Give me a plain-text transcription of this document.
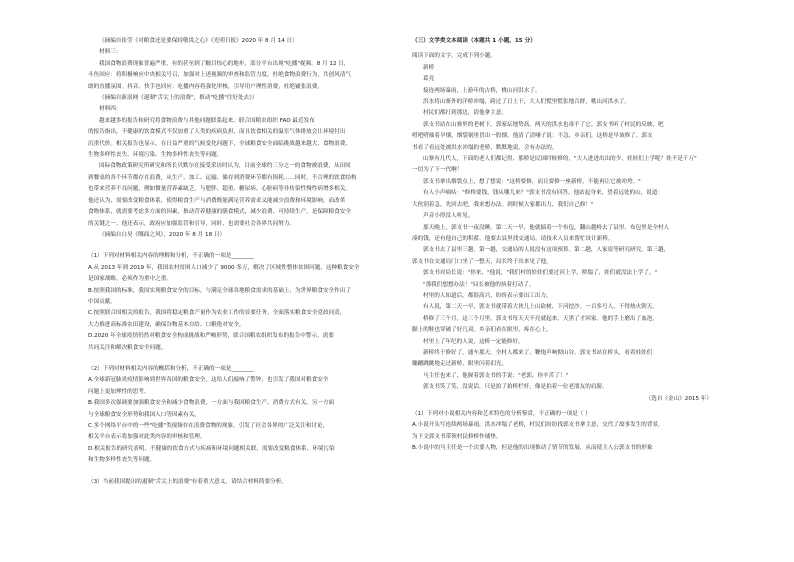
（摘编自崔莹《对粮食还是要保持敬畏之心》《光明日报》2020 年 8 月 14 日）

材料三：

我国食物浪费现象普遍严重，有的甚至到了触目惊心的地步，部分平台出现"吃播"视频。8 月 12 日，

斗鱼回应：将积极响应中央相关号召，加强对上述视频的审查和监管力度，杜绝食物浪费行为，共创风清气

朗的直播氛围。抖音、快手也回应：吃播内容将强化审核，引导用户理性消费，杜绝铺张浪费。

（摘编自新浪网《遏制"舌尖上的浪费"，推动"吃播"往好处去》）

材料四：

越来越多的报告和研究将食物浪费与其他问题联系起来。联合国粮农组织 FAO 最近发布

的报告指出，不健康的饮食模式不仅加重了人类的疾病负担，而且饮食相关的温室气体排放会让环境付出

沉重代价。相关报告也显示，在日益严重的气候变化问题下，全球粮食安全面临挑战越来越大，食物浪费、

生物多样性丧失、环境污染、生物多样性丧失等问题。

国际食物政策研究所研究和所长贝默尔在接受采访时认为，目前全球约三分之一的食物被浪费，从田间

到餐桌的各个环节都存在浪费，从生产、加工、运输、储存到消费环节都有损耗……同时，不合理的饮食结构

也带来营养不良问题，例如微量营养素缺乏，与肥胖、超重、糖尿病、心脏病等非传染性慢性病增多相关。

他还认为，需要改变粮食体系，使得粮食生产与消费既能满足营养需求又能减少浪费和环境影响。而改革

食物体系，就需要考虑多方面的因素，推动营养健康的膳食模式，减少浪费、可持续生产，是保障粮食安全

的关键之一。他还表示，政府应加强监管和引导，同时，也需要社会各界共同努力。

（摘编自白昊《哪面之风》，2020 年 8 月 18 日）

（1）下列对材料相关内容的理解和分析，不正确的一项是________

A.从 2013 年到 2019 年，我国农村贫困人口减少了 9000 多万，解决了区域性整体贫困问题，这种粮食安全

是国家战略，必须作为重中之重。

B.按照我国的标准，我国实现粮食安全的目标，与满足全球各地粮食需求的基础上，为世界粮食安全作出了

中国贡献。

C.按照联合国相关的报告，我国将稳定粮食产量作为农业工作的首要任务，全面落实粮食安全党政同责，

大力推进高标准农田建设，确保谷物基本自给、口粮绝对安全。

D.2020 年全球疫情仍然对粮食安全构成挑战和严峻形势，联合国粮农组织发布的报告中警示，需要

共同关注和解决粮食安全问题。

（2）下列对材料相关内容的概括和分析，不正确的一项是________

A.全球新冠肺炎疫情影响到世界各国的粮食安全，这给人们敲响了警钟，也引发了我国对粮食安全

问题上更加理性的思考。

B.我国多次强调要加强粮食安全和减少食物浪费，一方面与我国粮食生产、消费方式有关，另一方面

与全球粮食安全形势和我国人口等因素有关。

C.多个网络平台中的一些"吃播"类视频存在浪费食物的现象，引发了社会各界的广泛关注和讨论，

相关平台表示将加强对此类内容的审核和管理。

D.相关报告的研究表明，不健康的饮食方式与疾病和环境问题相关联，需要改变粮食体系、环境污染

和生物多样性丧失等问题。

（3）当前我国提出的遏制"舌尖上的浪费"有着重大意义，请结合材料简要分析。

（三）文学类文本阅读（本题共 1 小题，15 分）

阅读下面的文字，完成下列小题。

新桥

葛亮

接连两场暴雨，上游年的古桥，桃山河洪水了。

洪水将山寨外的洋桥冲塌，跨过了日上下，大人们慌里慌张地合群，桃山河洪水了。

村民们都打到那边，请他拿主意。

郭支书站在山寨里的老树下，郭家坛地势高，两天的洪水也毒不了它。郭支书听了村民的反映，吧

嗒吧嗒抽着旱烟，烟袋锅里冒出一股烟，他清了清嗓子说：不急，乡亲们，这桥是早该修了。郭支

书看了看远处被洪水冲塌的老桥，默默地说，会有办法的。

山寨有几代人，下面的老人们都记得，那桥是民国时候修的，"大人进进出出的少，娃娃们上学呢？娃不是千万"

一切为了下一代啊！

郭支书拿出烟袋点上，想了想说："这桥要修，而且要修一座新桥，不能再让它被冲垮。"

有人小声嘀咕："修桥要钱，钱从哪儿来？"郭支书没有回答，他站起身来，望着远处的山，说道：

大伙别着急，先回去吧，我来想办法。到时候大家都出力，我们自己修！"

声音小得没人听见。

那天晚上，郭支书一夜没睡。第二天一早，他就揣着一个布包，翻山越岭去了县里。布包里是全村人

凑的钱，还有他自己的积蓄。他要去县里找交通局，请技术人员来帮忙设计新桥。

郭支书去了县里三趟。第一趟，交通局的人说没有这项预算。第二趟，人家说等研究研究。第三趟，

郭支书在交通局门口坐了一整天，局长终于出来见了他。

郭支书对局长说："你来，"他说，"我们村的娃娃们要过河上学，桥塌了，娃们就没法上学了。"

"那我们想想办法！"局长被他的执着打动了。

村里的人知道后，都很高兴，纷纷表示要出工出力。

有人说，第二天一早，郭支书就带着大伙儿上山砍树、下河挖沙。一百多号人，干得热火朝天。

桥修了三个月。这三个月里，郭支书每天天不亮就起来，天黑了才回家。他的手上磨出了血泡，

脚上的鞋也穿破了好几双。乡亲们看在眼里，疼在心上。

村里上了年纪的人说，这桥一定能修好。

新桥终于修好了，通车那天，全村人都来了，鞭炮声响彻山谷。郭支书站在桥头，看着娃娃们

蹦蹦跳跳地走过新桥，眼里闪着泪光。

马主任也来了，他握着郭支书的手说："老郭，你辛苦了！"

郭支书笑了笑，没说话，只是拍了拍桥栏杆，像是拍着一位老朋友的肩膀。

（选自《金山》2015 年）

（1）下列对小说相关内容和艺术特色的分析鉴赏，不正确的一项是（ ）

A.小说开头写连续两场暴雨，洪水冲塌了老桥，村民们纷纷找郭支书拿主意，交代了故事发生的背景，

为下文郭支书带领村民修桥作铺垫。

B.小说中的马主任是一个次要人物，但是他的出现推动了情节的发展，从而使主人公郭支书的形象
